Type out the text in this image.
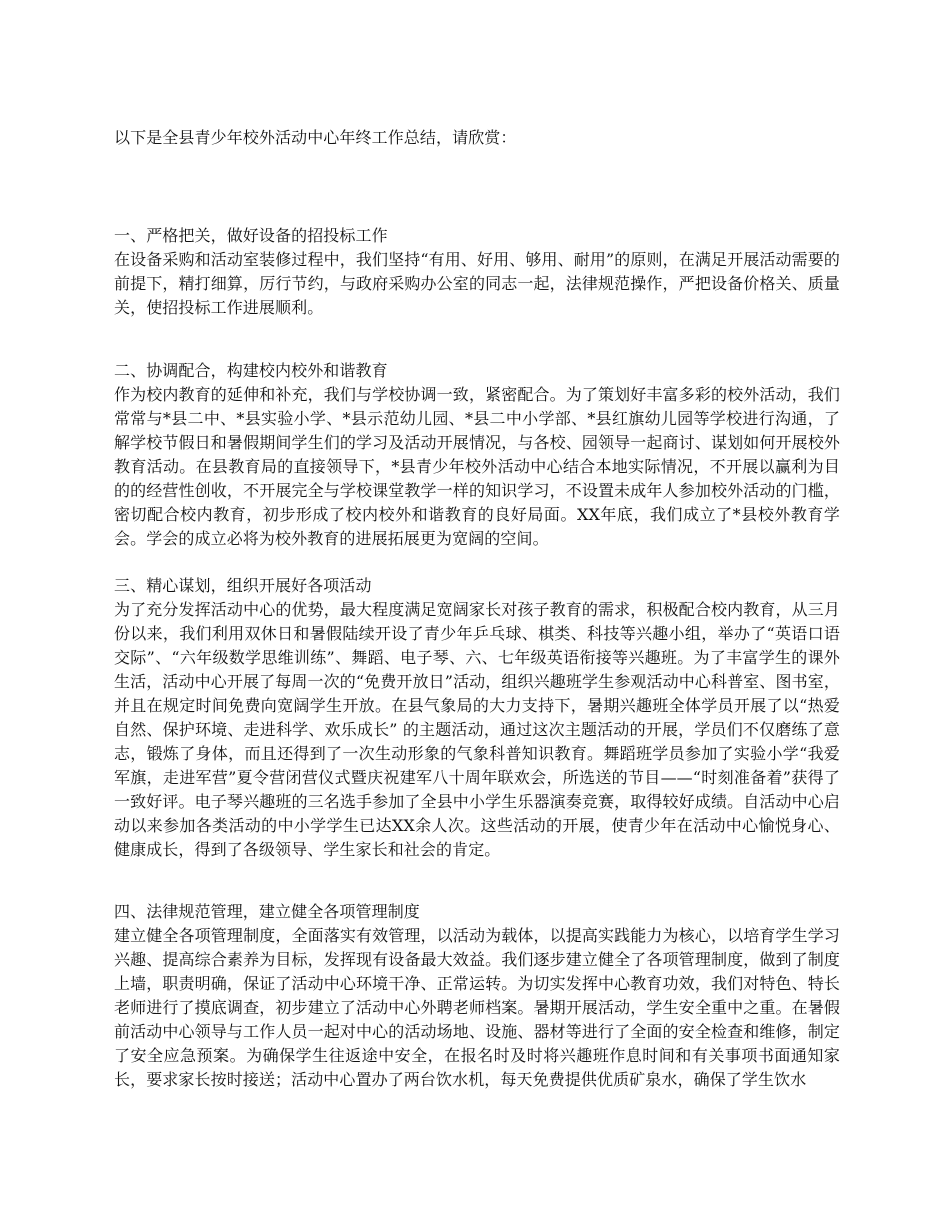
以下是全县青少年校外活动中心年终工作总结，请欣赏：

一、严格把关，做好设备的招投标工作

在设备采购和活动室装修过程中，我们坚持“有用、好用、够用、耐用”的原则，在满足开展活动需要的前提下，精打细算，厉行节约，与政府采购办公室的同志一起，法律规范操作，严把设备价格关、质量关，使招投标工作进展顺利。

二、协调配合，构建校内校外和谐教育

作为校内教育的延伸和补充，我们与学校协调一致，紧密配合。为了策划好丰富多彩的校外活动，我们常常与*县二中、*县实验小学、*县示范幼儿园、*县二中小学部、*县红旗幼儿园等学校进行沟通，了解学校节假日和暑假期间学生们的学习及活动开展情况，与各校、园领导一起商讨、谋划如何开展校外教育活动。在县教育局的直接领导下，*县青少年校外活动中心结合本地实际情况，不开展以赢利为目的的经营性创收，不开展完全与学校课堂教学一样的知识学习，不设置未成年人参加校外活动的门槛，密切配合校内教育，初步形成了校内校外和谐教育的良好局面。XX年底，我们成立了*县校外教育学会。学会的成立必将为校外教育的进展拓展更为宽阔的空间。

三、精心谋划，组织开展好各项活动

为了充分发挥活动中心的优势，最大程度满足宽阔家长对孩子教育的需求，积极配合校内教育，从三月份以来，我们利用双休日和暑假陆续开设了青少年乒乓球、棋类、科技等兴趣小组，举办了“英语口语交际”、“六年级数学思维训练”、舞蹈、电子琴、六、七年级英语衔接等兴趣班。为了丰富学生的课外生活，活动中心开展了每周一次的“免费开放日”活动，组织兴趣班学生参观活动中心科普室、图书室，并且在规定时间免费向宽阔学生开放。在县气象局的大力支持下，暑期兴趣班全体学员开展了以“热爱自然、保护环境、走进科学、欢乐成长” 的主题活动，通过这次主题活动的开展，学员们不仅磨练了意志，锻炼了身体，而且还得到了一次生动形象的气象科普知识教育。舞蹈班学员参加了实验小学“我爱军旗，走进军营”夏令营闭营仪式暨庆祝建军八十周年联欢会，所选送的节目——“时刻准备着”获得了一致好评。电子琴兴趣班的三名选手参加了全县中小学生乐器演奏竞赛，取得较好成绩。自活动中心启动以来参加各类活动的中小学学生已达XX余人次。这些活动的开展，使青少年在活动中心愉悦身心、健康成长，得到了各级领导、学生家长和社会的肯定。

四、法律规范管理，建立健全各项管理制度

建立健全各项管理制度，全面落实有效管理，以活动为载体，以提高实践能力为核心，以培育学生学习兴趣、提高综合素养为目标，发挥现有设备最大效益。我们逐步建立健全了各项管理制度，做到了制度上墙，职责明确，保证了活动中心环境干净、正常运转。为切实发挥中心教育功效，我们对特色、特长老师进行了摸底调查，初步建立了活动中心外聘老师档案。暑期开展活动，学生安全重中之重。在暑假前活动中心领导与工作人员一起对中心的活动场地、设施、器材等进行了全面的安全检查和维修，制定了安全应急预案。为确保学生往返途中安全，在报名时及时将兴趣班作息时间和有关事项书面通知家长，要求家长按时接送；活动中心置办了两台饮水机，每天免费提供优质矿泉水，确保了学生饮水
